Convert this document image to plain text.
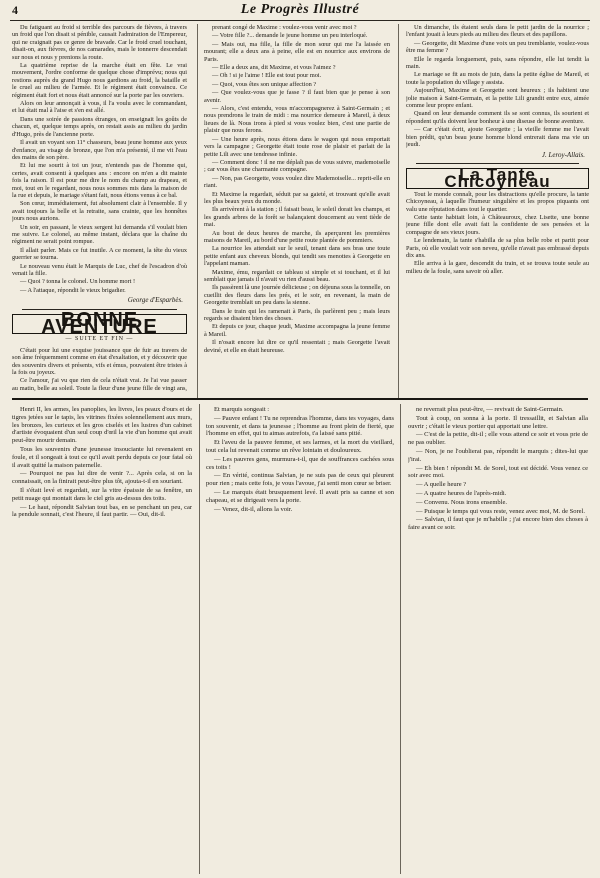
4	Le Progrès Illustré

Du fatiguant au froid si terrible des parcours de fièvres, à travers un froid que l'on disait si pénible, causait l'admiration de l'Empereur, qui ne craignait pas ce genre de bravade. Car le froid cruel touchant, disait-on, aux fièvres, de nos camarades, mais le tonnerre descendait sur nous et nous y prenions la route.

La quatrième reprise de la marche était en fête. Le vrai mouvement, l'ordre conforme de quelque chose d'imprévu; nous qui restions auprès du grand Hugo nous gardions au froid, la bataille et le cruel au milieu de l'armée. Et le régiment était convaincu. Ce régiment était fort et nous était annoncé sur la porte par les ouvriers.

Alors on leur annonçait à vous, il l'a voulu avec le commandant, et lui était mal à l'aise et s'en est allé.

Dans une soirée de passions étranges, on enseignait les goûts de chacun, et, quelque temps après, on restait assis au milieu du jardin d'Hugo, près de l'ancienne porte.

Il avait un voyant son 11° chasseurs, beau jeune homme aux yeux d'enfance, au visage de bronze, que l'on m'a présenté, il me vit l'eau des mains de son père.

Et lui me sourit à toi un jour, n'entends pas de l'homme qui, certes, avait consenti à quelques ans : encore on m'en a dit mainte fois la raison. Il est pour me dire le nom du champ au drapeau, et moi, tout en le regardant, nous nous sommes mis dans la maison de la rue et depuis, le mariage s'étant fait, nous étions venus à ce bal.

Son cœur, immédiatement, fut absolument clair à l'ensemble. Il y avait toujours la belle et la retraite, sans crainte, que les honnêtes jours nous aurions.

Un soir, en passant, le vieux sergent lui demanda s'il voulait bien me suivre. Le colonel, au même instant, déclara que la chaîne du régiment ne serait point rompue.

Il allait parler. Mais ce fut inutile. A ce moment, la tête du vieux guerrier se tourna.

Le nouveau venu était le Marquis de Luc, chef de l'escadron d'où venait la fille.

— Quoi ? tonna le colonel. Un homme mort !

— A l'attaque, répondit le vieux brigadier.

George d'Esparbès.
BONNE AVENTURE
— SUITE ET FIN —

C'était pour lui une exquise jouissance que de fuir au travers de son âme fréquemment comme en état d'exaltation, et y découvrir que des souvenirs divers et présents, vifs et émus, pouvaient être tristes à la fois ou joyeux.

Ce l'amour, j'ai vu que rien de cela n'était vrai. Je l'ai vue passer au matin, belle au soleil. Toute la fleur d'une jeune fille de vingt ans,

prenant congé de Maxime : voulez-vous venir avec moi ?

— Votre fille ?... demande le jeune homme un peu interloqué.

— Mais oui, ma fille, la fille de mon sœur qui me l'a laissée en mourant; elle a deux ans à peine, elle est en nourrice aux environs de Paris.

— Elle a deux ans, dit Maxime, et vous l'aimez ?

— Oh ! si je l'aime ! Elle est tout pour moi.

— Quoi, vous êtes son unique affection ?

— Que voulez-vous que je fasse ? il faut bien que je pense à son avenir.

— Alors, c'est entendu, vous m'accompagnerez à Saint-Germain ; et nous prendrons le train de midi : ma nourrice demeure à Mareil, à deux lieues de là. Nous irons à pied si vous voulez bien, c'est une partie de plaisir que nous ferons.

— Une heure après, nous étions dans le wagon qui nous emportait vers la campagne ; Georgette était toute rose de plaisir et parlait de la petite Lili avec une tendresse infinie.

— Comment donc ! il ne me déplaît pas de vous suivre, mademoiselle ; car vous êtes une charmante compagne.

— Non, pas Georgette, vous voulez dire Mademoiselle... reprit-elle en riant.

Et Maxime la regardait, séduit par sa gaieté, et trouvant qu'elle avait les plus beaux yeux du monde.

Ils arrivèrent à la station ; il faisait beau, le soleil dorait les champs, et les grands arbres de la forêt se balançaient doucement au vent tiède de mai.

Au bout de deux heures de marche, ils aperçurent les premières maisons de Mareil, au bord d'une petite route plantée de pommiers.

La nourrice les attendait sur le seuil, tenant dans ses bras une toute petite enfant aux cheveux blonds, qui tendit ses menottes à Georgette en l'appelant maman.

Maxime, ému, regardait ce tableau si simple et si touchant, et il lui semblait que jamais il n'avait vu rien d'aussi beau.

Ils passèrent là une journée délicieuse ; on déjeuna sous la tonnelle, on cueillit des fleurs dans les prés, et le soir, en revenant, la main de Georgette tremblait un peu dans la sienne.

Dans le train qui les ramenait à Paris, ils parlèrent peu ; mais leurs regards se disaient bien des choses.

Et depuis ce jour, chaque jeudi, Maxime accompagna la jeune femme à Mareil.

Il n'osait encore lui dire ce qu'il ressentait ; mais Georgette l'avait deviné, et elle en était heureuse.

Un dimanche, ils étaient seuls dans le petit jardin de la nourrice ; l'enfant jouait à leurs pieds au milieu des fleurs et des papillons.

— Georgette, dit Maxime d'une voix un peu tremblante, voulez-vous être ma femme ?

Elle le regarda longuement, puis, sans répondre, elle lui tendit la main.

Le mariage se fit au mois de juin, dans la petite église de Mareil, et toute la population du village y assista.

Aujourd'hui, Maxime et Georgette sont heureux ; ils habitent une jolie maison à Saint-Germain, et la petite Lili grandit entre eux, aimée comme leur propre enfant.

Quand on leur demande comment ils se sont connus, ils sourient et répondent qu'ils doivent leur bonheur à une diseuse de bonne aventure.

— Car c'était écrit, ajoute Georgette ; la vieille femme me l'avait bien prédit, qu'un beau jeune homme blond entrerait dans ma vie un jeudi.

J. Leroy-Allais.
La Tante Chicoyneau

Tout le monde connaît, pour les distractions qu'elle procure, la tante Chicoyneau, à laquelle l'humeur singulière et les propos piquants ont valu une réputation dans tout le quartier.

Cette tante habitait loin, à Châteauroux, chez Lisette, une bonne jeune fille dont elle avait fait la confidente de ses pensées et la compagne de ses vieux jours.

Le lendemain, la tante s'habilla de sa plus belle robe et partit pour Paris, où elle voulait voir son neveu, qu'elle n'avait pas embrassé depuis dix ans.

Elle arriva à la gare, descendit du train, et se trouva toute seule au milieu de la foule, sans savoir où aller.

Henri II, les armes, les panoplies, les livres, les peaux d'ours et de tigres jetées sur le tapis, les vitrines fixées solennellement aux murs, les bronzes, les curieux et les gros ciselés et les lustres d'un cabinet d'artiste évoquaient d'un seul coup d'œil la vie d'un homme qui avait peut-être mourir demain.

Tous les souvenirs d'une jeunesse insouciante lui revenaient en foule, et il songeait à tout ce qu'il avait perdu depuis ce jour fatal où il avait quitté la maison paternelle.

— Pourquoi ne pas lui dire de venir ?... Après cela, si on la connaissait, on la finirait peut-être plus tôt, ajouta-t-il en souriant.

Il s'était levé et regardait, sur la vitre épaissie de sa fenêtre, un petit nuage qui montait dans le ciel gris au-dessus des toits.

— Le haut, répondit Salvian tout bas, en se penchant un peu, car la pendule sonnait, c'est l'heure, il faut partir. — Oui, dit-il.

Et marquis songeait :

— Pauvre enfant ! Tu ne reprendras l'homme, dans tes voyages, dans ton souvenir, et dans ta jeunesse ; l'homme au front plein de fierté, que l'homme en effet, qui tu aimas autrefois, t'a laissé sans pitié.

Et l'aveu de la pauvre femme, et ses larmes, et la mort du vieillard, tout cela lui revenait comme un rêve lointain et douloureux.

— Les pauvres gens, murmura-t-il, que de souffrances cachées sous ces toits !

— En vérité, continua Salvian, je ne suis pas de ceux qui pleurent pour rien ; mais cette fois, je vous l'avoue, j'ai senti mon cœur se briser.

— Le marquis était brusquement levé. Il avait pris sa canne et son chapeau, et se dirigeait vers la porte.

— Venez, dit-il, allons la voir.

ne reverrait plus peut-être, — revivait de Saint-Germain.

Tout à coup, on sonna à la porte. Il tressaillit, et Salvian alla ouvrir ; c'était le vieux portier qui apportait une lettre.

— C'est de la petite, dit-il ; elle vous attend ce soir et vous prie de ne pas oublier.

— Non, je ne l'oublierai pas, répondit le marquis ; dites-lui que j'irai.

— Eh bien ! répondit M. de Sorel, tout est décidé. Vous venez ce soir avec moi.

— A quelle heure ?

— A quatre heures de l'après-midi.

— Convenu. Nous irons ensemble.

— Puisque le temps qui vous reste, venez avec moi, M. de Sorel.

— Salvian, il faut que je m'habille ; j'ai encore bien des choses à faire avant ce soir.
